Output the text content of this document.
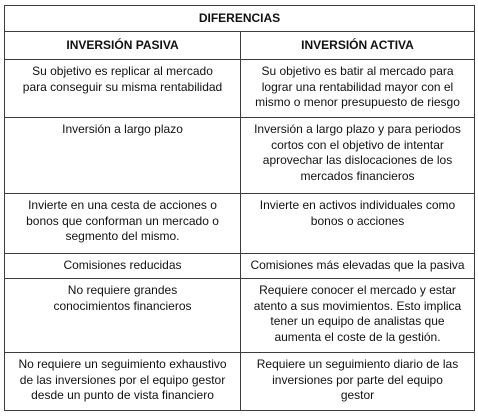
DIFERENCIAS	
INVERSIÓN PASIVA	INVERSIÓN ACTIVA
Su objetivo es replicar al mercado para conseguir su misma rentabilidad	Su objetivo es batir al mercado para lograr una rentabilidad mayor con el mismo o menor presupuesto de riesgo
Inversión a largo plazo	Inversión a largo plazo y para periodos cortos con el objetivo de intentar aprovechar las dislocaciones de los mercados financieros
Invierte en una cesta de acciones o bonos que conforman un mercado o segmento del mismo.	Invierte en activos individuales como bonos o acciones
Comisiones reducidas	Comisiones más elevadas que la pasiva
No requiere grandes conocimientos financieros	Requiere conocer el mercado y estar atento a sus movimientos. Esto implica tener un equipo de analistas que aumenta el coste de la gestión.
No requiere un seguimiento exhaustivo de las inversiones por el equipo gestor desde un punto de vista financiero	Requiere un seguimiento diario de las inversiones por parte del equipo gestor
